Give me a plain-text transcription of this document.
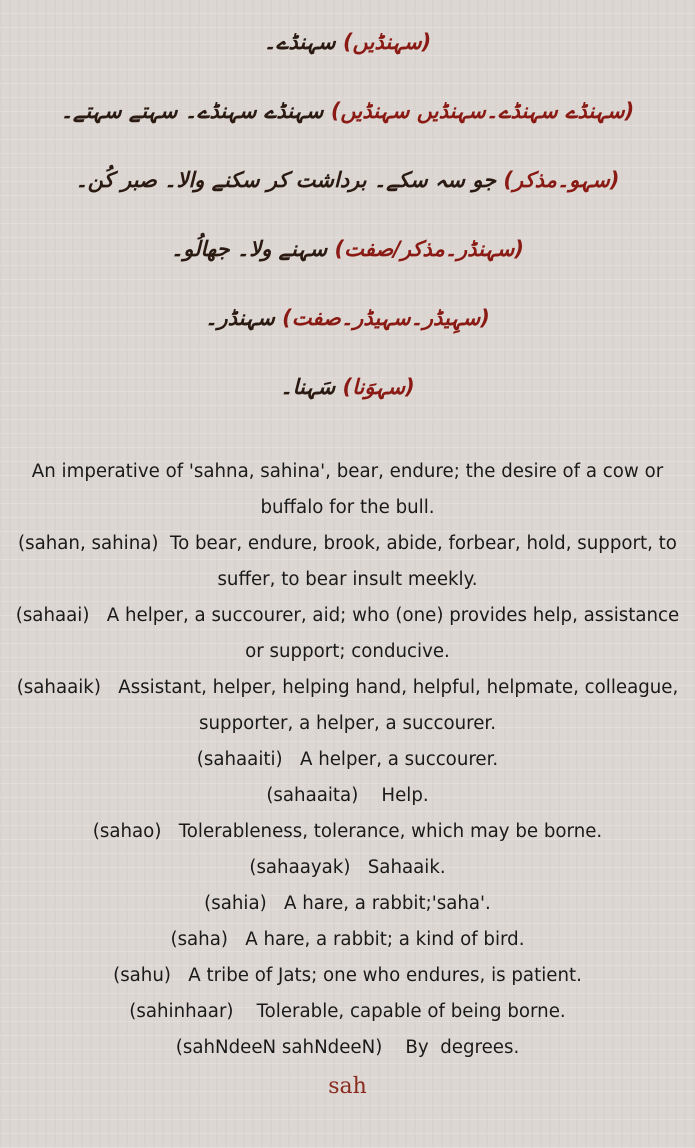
(سہنڈیں) سہنڈے۔
(سہنڈے سہنڈے۔سہنڈیں سہنڈیں) سہنڈے سہنڈے۔ سہتے سہتے۔
(سہو۔مذکر) جو سہ سکے۔ برداشت کر سکنے والا۔ صبر کُن۔
(سہنڈر۔مذکر/صفت) سہنے ولا۔ جھالُو۔
(سہِیڈر۔سہیڈر۔صفت) سہنڈر۔
(سہوَنا) سَہنا۔
An imperative of 'sahna, sahina', bear, endure; the desire of a cow or buffalo for the bull.
(sahan, sahina)  To bear, endure, brook, abide, forbear, hold, support, to suffer, to bear insult meekly.
(sahaai)   A helper, a succourer, aid; who (one) provides help, assistance or support; conducive.
(sahaaik)   Assistant, helper, helping hand, helpful, helpmate, colleague, supporter, a helper, a succourer.
(sahaaiti)   A helper, a succourer.
(sahaaita)    Help.
(sahao)   Tolerableness, tolerance, which may be borne.
(sahaayak)   Sahaaik.
(sahia)   A hare, a rabbit;'saha'.
(saha)   A hare, a rabbit; a kind of bird.
(sahu)   A tribe of Jats; one who endures, is patient.
(sahinhaar)    Tolerable, capable of being borne.
(sahNdeeN sahNdeeN)    By  degrees.
sah
